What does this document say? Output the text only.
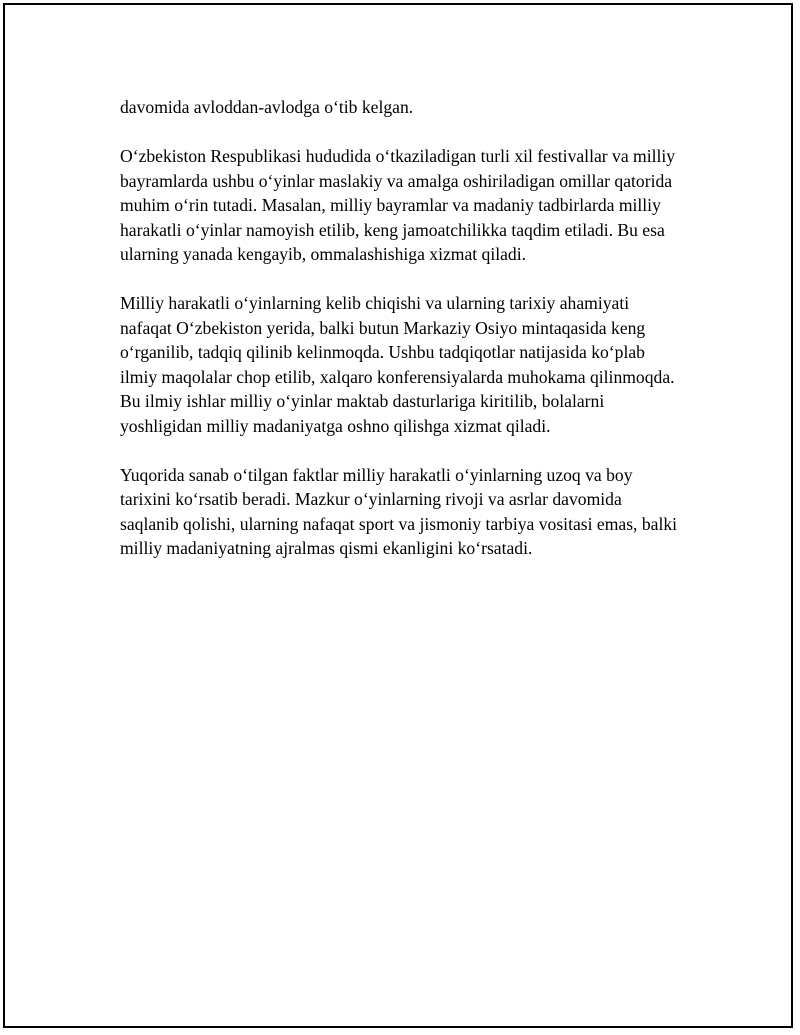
davomida avloddan-avlodga o‘tib kelgan.

O‘zbekiston Respublikasi hududida o‘tkaziladigan turli xil festivallar va milliy bayramlarda ushbu o‘yinlar maslakiy va amalga oshiriladigan omillar qatorida muhim o‘rin tutadi. Masalan, milliy bayramlar va madaniy tadbirlarda milliy harakatli o‘yinlar namoyish etilib, keng jamoatchilikka taqdim etiladi. Bu esa ularning yanada kengayib, ommalashishiga xizmat qiladi.

Milliy harakatli o‘yinlarning kelib chiqishi va ularning tarixiy ahamiyati nafaqat O‘zbekiston yerida, balki butun Markaziy Osiyo mintaqasida keng o‘rganilib, tadqiq qilinib kelinmoqda. Ushbu tadqiqotlar natijasida ko‘plab ilmiy maqolalar chop etilib, xalqaro konferensiyalarda muhokama qilinmoqda. Bu ilmiy ishlar milliy o‘yinlar maktab dasturlariga kiritilib, bolalarni yoshligidan milliy madaniyatga oshno qilishga xizmat qiladi.

Yuqorida sanab o‘tilgan faktlar milliy harakatli o‘yinlarning uzoq va boy tarixini ko‘rsatib beradi. Mazkur o‘yinlarning rivoji va asrlar davomida saqlanib qolishi, ularning nafaqat sport va jismoniy tarbiya vositasi emas, balki milliy madaniyatning ajralmas qismi ekanligini ko‘rsatadi.
